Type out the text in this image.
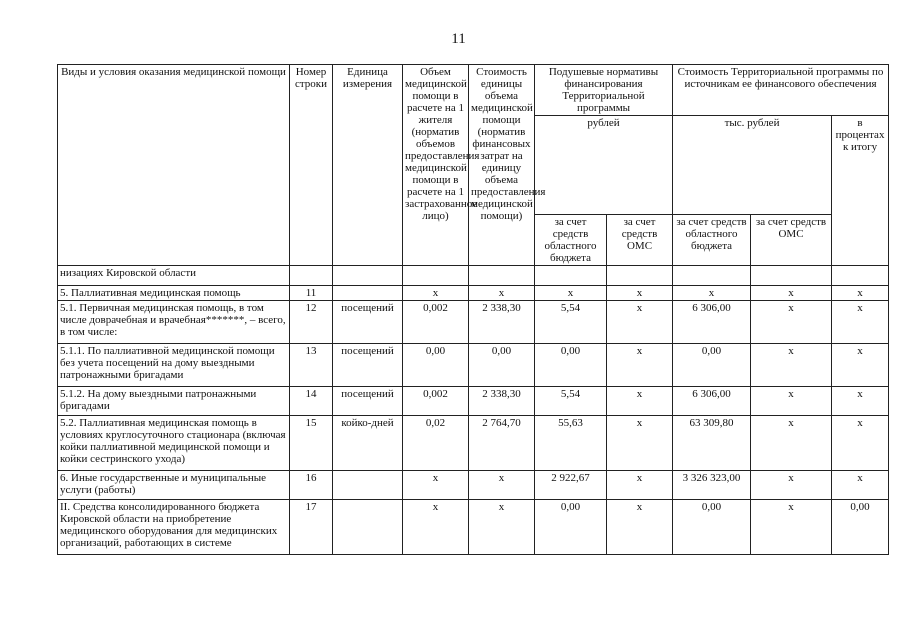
11
Виды и условия оказания медицинской помощи	Номер строки	Единица измерения	Объем медицинской помощи в расчете на 1 жителя (норматив объемов предоставления медицинской помощи в расчете на 1 застрахованное лицо)	Стоимость единицы объема медицинской помощи (норматив финансовых затрат на единицу объема предоставления медицинской помощи)	Подушевые нормативы финансирования Территориальной программы		Стоимость Территориальной программы по источникам ее финансового обеспечения		
					рублей		тыс. рублей		в процентах к итогу
					за счет средств областного бюджета	за счет средств ОМС	за счет средств областного бюджета	за счет средств ОМС	
низациях Кировской области									
5. Паллиативная медицинская помощь	11		x	x	x	x	x	x	x
5.1. Первичная медицинская помощь, в том числе доврачебная и врачебная*******, – всего, в том числе:	12	посещений	0,002	2 338,30	5,54	x	6 306,00	x	x
5.1.1. По паллиативной медицинской помощи без учета посещений на дому выездными патронажными бригадами	13	посещений	0,00	0,00	0,00	x	0,00	x	x
5.1.2. На дому выездными патронажными бригадами	14	посещений	0,002	2 338,30	5,54	x	6 306,00	x	x
5.2. Паллиативная медицинская помощь в условиях круглосуточного стационара (включая койки паллиативной медицинской помощи и койки сестринского ухода)	15	койко-дней	0,02	2 764,70	55,63	x	63 309,80	x	x
6. Иные государственные и муниципальные услуги (работы)	16		x	x	2 922,67	x	3 326 323,00	x	x
II. Средства консолидированного бюджета Кировской области на приобретение медицинского оборудования для медицинских организаций, работающих в системе	17		x	x	0,00	x	0,00	x	0,00
